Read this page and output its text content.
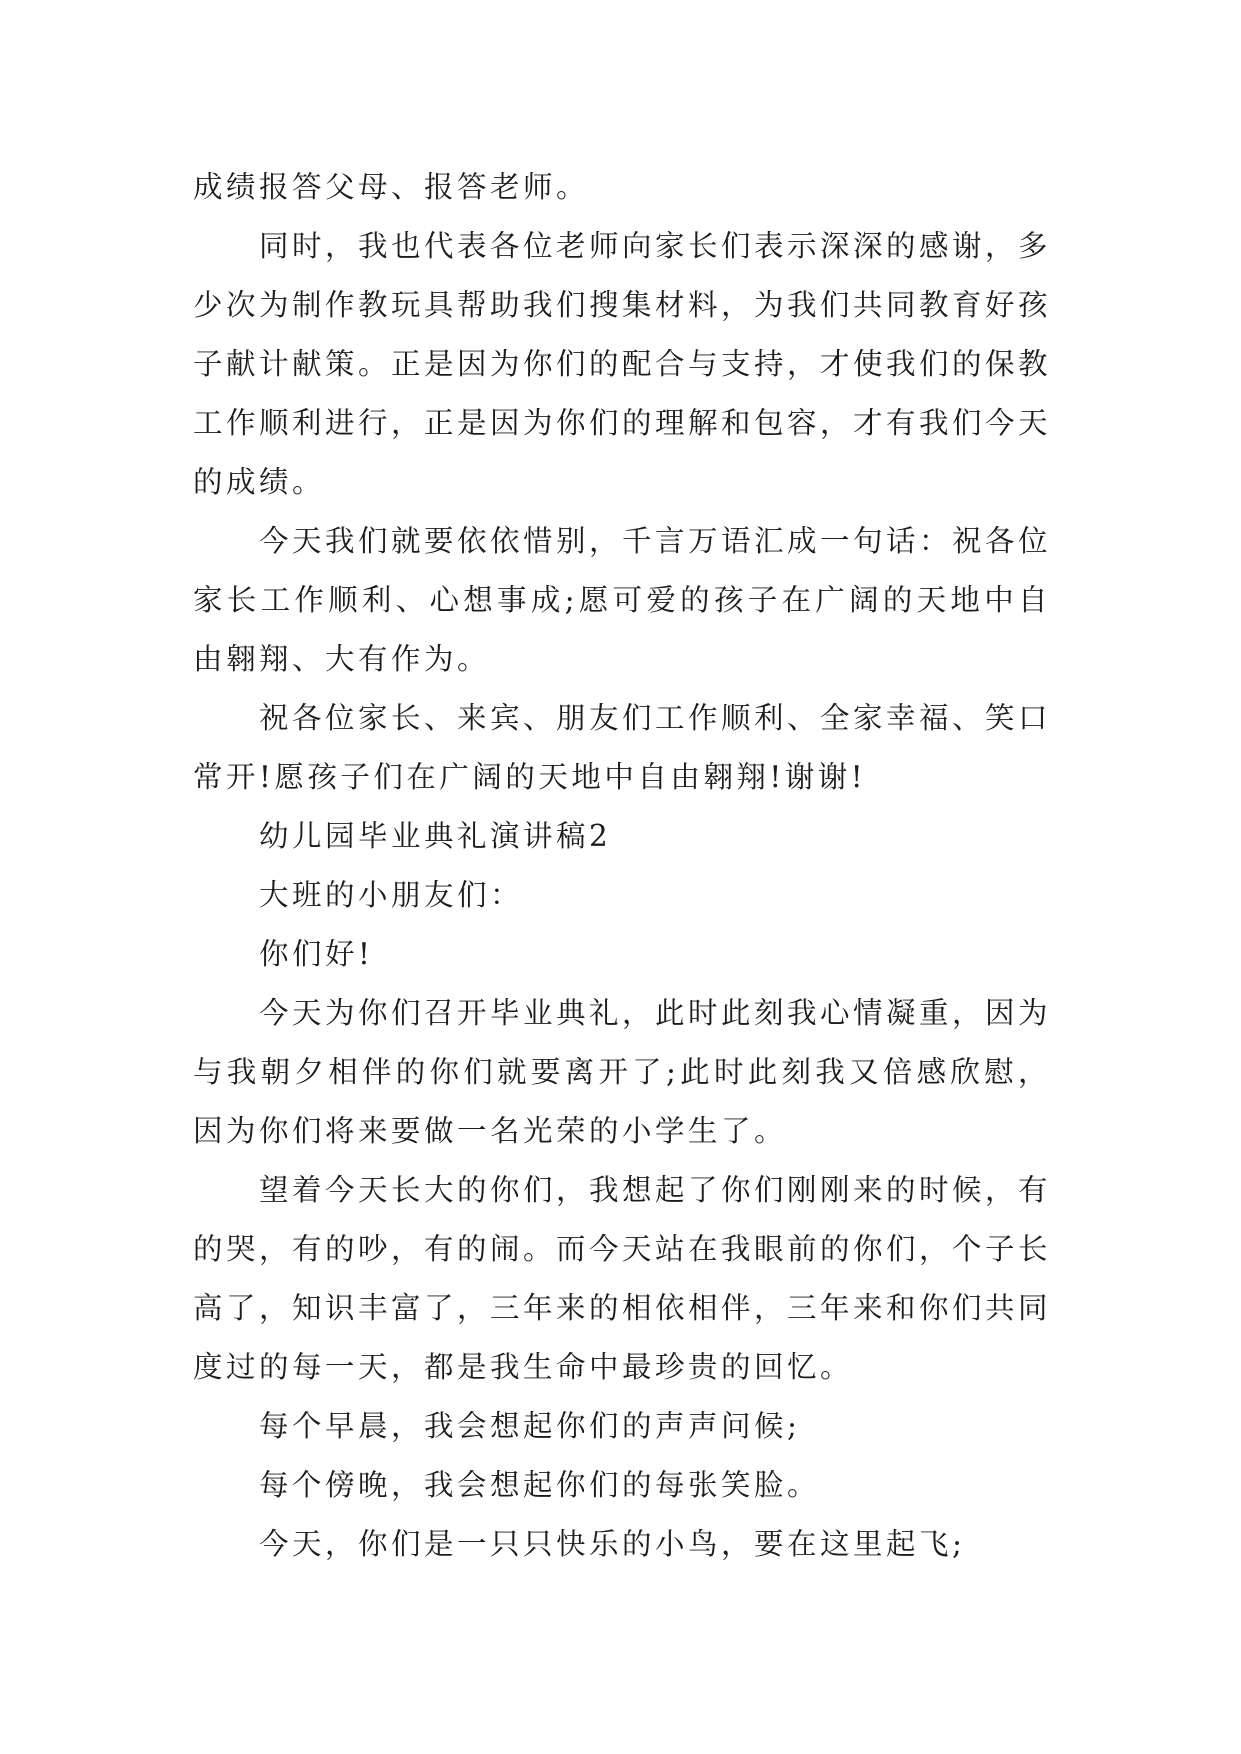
成绩报答父母、报答老师。
同时，我也代表各位老师向家长们表示深深的感谢，多
少次为制作教玩具帮助我们搜集材料，为我们共同教育好孩
子献计献策。正是因为你们的配合与支持，才使我们的保教
工作顺利进行，正是因为你们的理解和包容，才有我们今天
的成绩。
今天我们就要依依惜别，千言万语汇成一句话：祝各位
家长工作顺利、心想事成;愿可爱的孩子在广阔的天地中自
由翱翔、大有作为。
祝各位家长、来宾、朋友们工作顺利、全家幸福、笑口
常开!愿孩子们在广阔的天地中自由翱翔!谢谢!
幼儿园毕业典礼演讲稿2
大班的小朋友们：
你们好!
今天为你们召开毕业典礼，此时此刻我心情凝重，因为
与我朝夕相伴的你们就要离开了;此时此刻我又倍感欣慰，
因为你们将来要做一名光荣的小学生了。
望着今天长大的你们，我想起了你们刚刚来的时候，有
的哭，有的吵，有的闹。而今天站在我眼前的你们，个子长
高了，知识丰富了，三年来的相依相伴，三年来和你们共同
度过的每一天，都是我生命中最珍贵的回忆。
每个早晨，我会想起你们的声声问候;
每个傍晚，我会想起你们的每张笑脸。
今天，你们是一只只快乐的小鸟，要在这里起飞;
